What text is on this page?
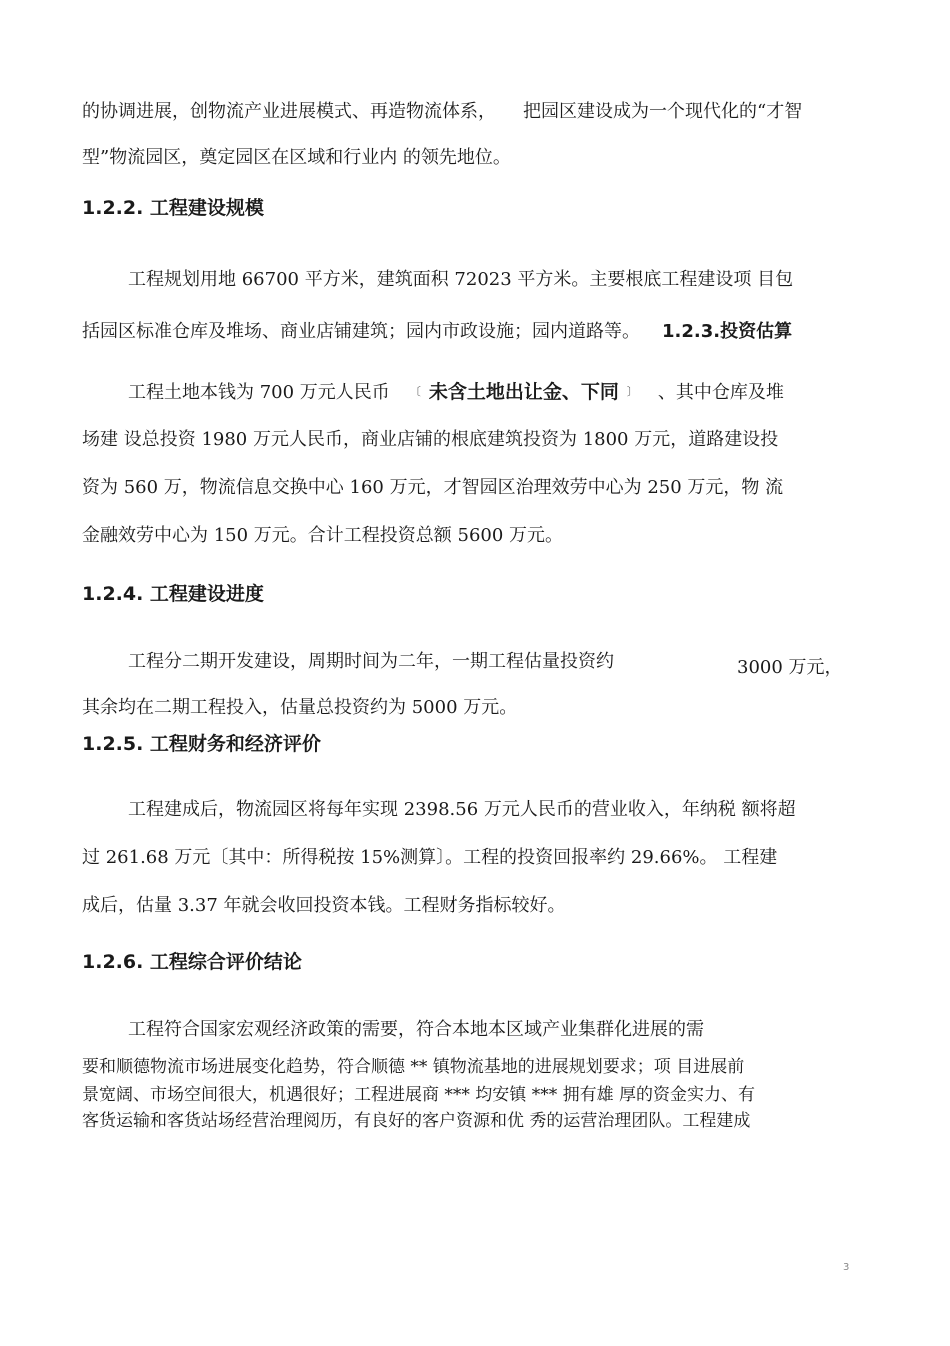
的协调进展，创物流产业进展模式、再造物流体系，　　把园区建设成为一个现代化的“才智
型”物流园区，奠定园区在区域和行业内 的领先地位。
1.2.2. 工程建设规模
工程规划用地 66700 平方米，建筑面积 72023 平方米。主要根底工程建设项 目包
括园区标准仓库及堆场、商业店铺建筑；园内市政设施；园内道路等。 1.2.3.投资估算
工程土地本钱为 700 万元人民币 〔 未含土地出让金、下同 〕 、其中仓库及堆
场建 设总投资 1980 万元人民币，商业店铺的根底建筑投资为 1800 万元，道路建设投
资为 560 万，物流信息交换中心 160 万元，才智园区治理效劳中心为 250 万元，物 流
金融效劳中心为 150 万元。合计工程投资总额 5600 万元。
1.2.4. 工程建设进度
工程分二期开发建设，周期时间为二年，一期工程估量投资约	3000 万元，
其余均在二期工程投入，估量总投资约为 5000 万元。
1.2.5. 工程财务和经济评价
工程建成后，物流园区将每年实现 2398.56 万元人民币的营业收入，年纳税 额将超
过 261.68 万元〔其中：所得税按 15%测算〕。工程的投资回报率约 29.66%。 工程建
成后，估量 3.37 年就会收回投资本钱。工程财务指标较好。
1.2.6. 工程综合评价结论
工程符合国家宏观经济政策的需要，符合本地本区域产业集群化进展的需
要和顺德物流市场进展变化趋势，符合顺德 ** 镇物流基地的进展规划要求；项 目进展前
景宽阔、市场空间很大，机遇很好；工程进展商 *** 均安镇 *** 拥有雄 厚的资金实力、有
客货运输和客货站场经营治理阅历，有良好的客户资源和优 秀的运营治理团队。工程建成
3
